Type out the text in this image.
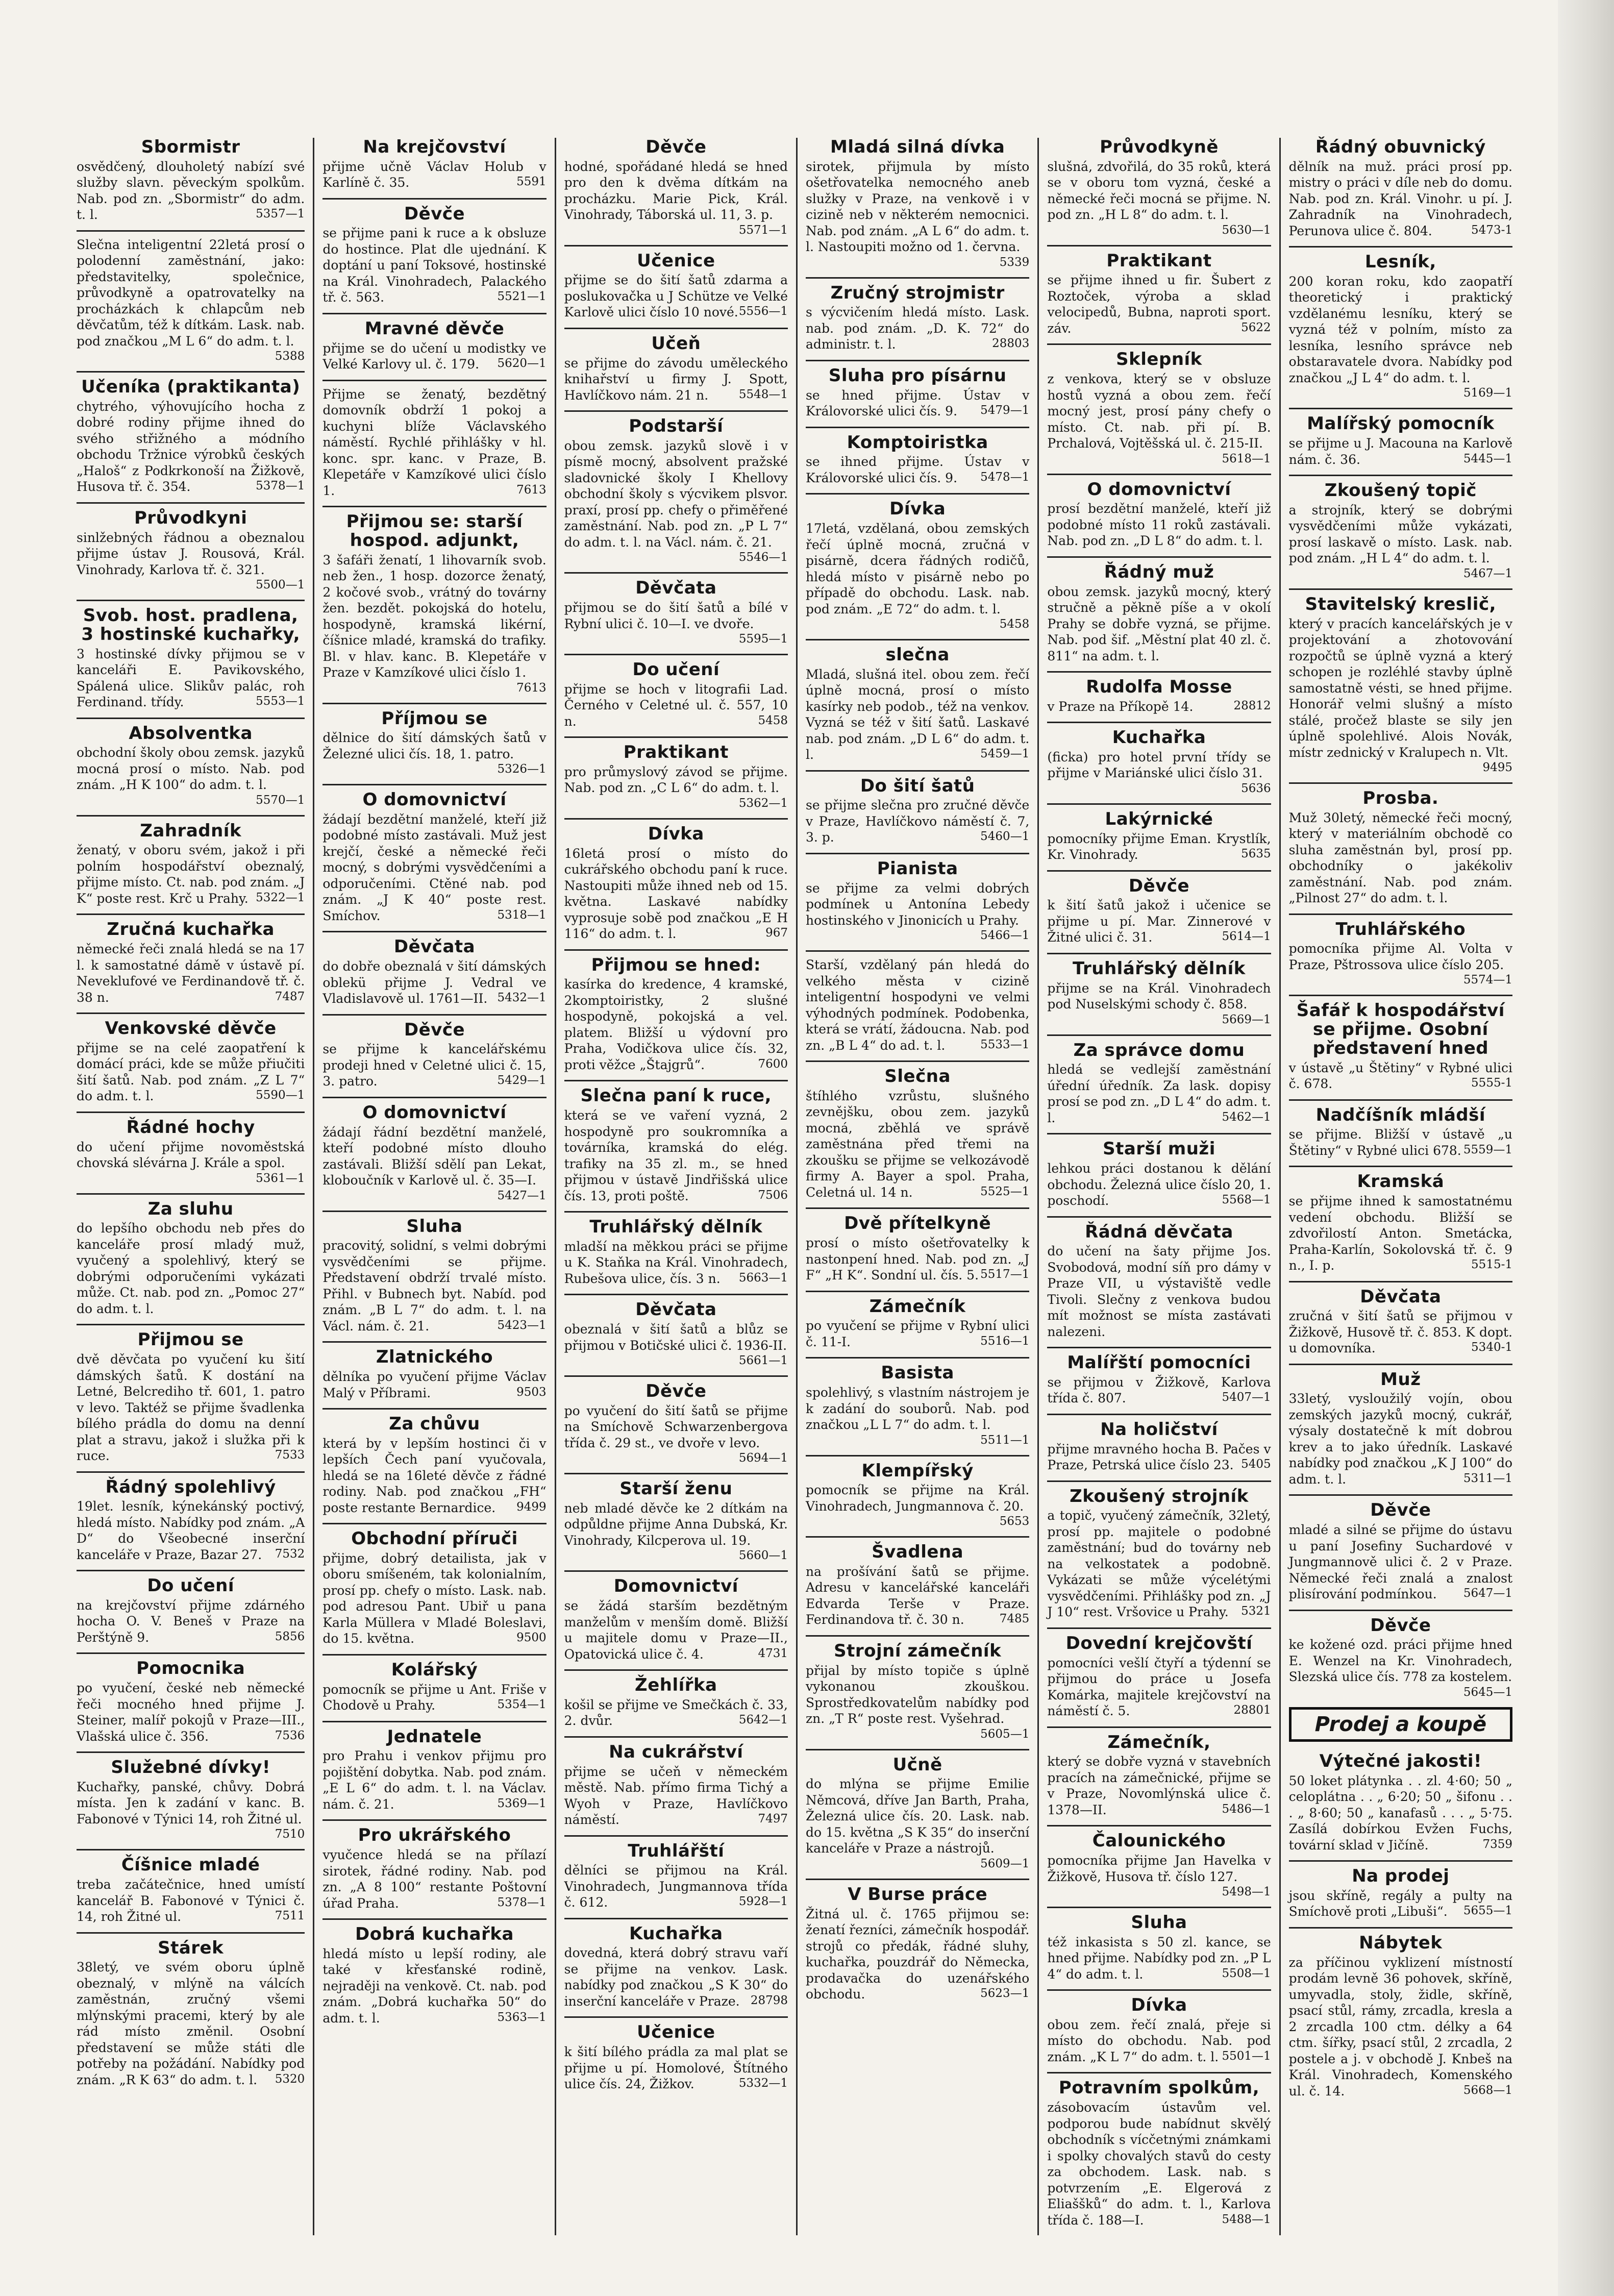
Sbormistr

osvědčený, dlouholetý nabízí své služby slavn. pěveckým spolkům. Nab. pod zn. „Sbormistr“ do adm. t. l.	5357—1

Slečna inteligentní 22letá prosí o polodenní zaměstnání, jako: představitelky, společnice, průvodkyně a opatrovatelky na procházkách k chlapcům neb děvčatům, též k dítkám. Lask. nab. pod značkou „M L 6“ do adm. t. l.
5388

Učeníka (praktikanta)

chytrého, výhovujícího hocha z dobré rodiny přijme ihned do svého střižného a módního obchodu Tržnice výrobků českých „Haloš“ z Podkrkonoší na Žižkově, Husova tř. č. 354.	5378—1

Průvodkyni

sinlžebných řádnou a obeznalou přijme ústav J. Rousová, Král. Vinohrady, Karlova tř. č. 321.
5500—1

Svob. host. pradlena, 3 hostinské kuchařky,

3 hostinské dívky přijmou se v kanceláři E. Pavikovského, Spálená ulice. Slikův palác, roh Ferdinand. třídy.	5553—1

Absolventka

obchodní školy obou zemsk. jazyků mocná prosí o místo. Nab. pod znám. „H K 100“ do adm. t. l.
5570—1

Zahradník

ženatý, v oboru svém, jakož i při polním hospodářství obeznalý, přijme místo. Ct. nab. pod znám. „J K“ poste rest. Krč u Prahy. 5322—1

Zručná kuchařka

německé řeči znalá hledá se na 17 l. k samostatné dámě v ústavě pí. Neveklufové ve Ferdinandově tř. č. 38 n.	7487

Venkovské děvče

přijme se na celé zaopatření k domácí práci, kde se může přiučiti šití šatů. Nab. pod znám. „Z L 7“ do adm. t. l.	5590—1

Řádné hochy

do učení přijme novoměstská chovská slévárna J. Krále a spol.
5361—1

Za sluhu

do lepšího obchodu neb přes do kanceláře prosí mladý muž, vyučený a spolehlivý, který se dobrými odporučeními vykázati může. Ct. nab. pod zn. „Pomoc 27“ do adm. t. l.

Přijmou se

dvě děvčata po vyučení ku šití dámských šatů. K dostání na Letné, Belcrediho tř. 601, 1. patro v levo. Taktéž se přijme švadlenka bílého prádla do domu na denní plat a stravu, jakož i služka při k ruce.	7533

Řádný spolehlivý

19let. lesník, kýnekánský poctivý, hledá místo. Nabídky pod znám. „A D“ do Všeobecné inserční kanceláře v Praze, Bazar 27. 7532

Do učení

na krejčovství přijme zdárného hocha O. V. Beneš v Praze na Perštýně 9.	5856

Pomocnika

po vyučení, české neb německé řeči mocného hned přijme J. Steiner, malíř pokojů v Praze—III., Vlašská ulice č. 356.	7536

Služebné dívky!

Kuchařky, panské, chůvy. Dobrá místa. Jen k zadání v kanc. B. Fabonové v Týnici 14, roh Žitné ul.
7510

Číšnice mladé

treba začátečnice, hned umístí kancelář B. Fabonové v Týnici č. 14, roh Žitné ul.	7511

Stárek

38letý, ve svém oboru úplně obeznalý, v mlýně na válcích zaměstnán, zručný všemi mlýnskými pracemi, který by ale rád místo změnil. Osobní představení se může státi dle potřeby na požádání. Nabídky pod znám. „R K 63“ do adm. t. l. 5320

Na krejčovství

přijme učně Václav Holub v Karlíně č. 35.	5591

Děvče

se přijme pani k ruce a k obsluze do hostince. Plat dle ujednání. K doptání u paní Toksové, hostinské na Král. Vinohradech, Palackého tř. č. 563.	5521—1

Mravné děvče

přijme se do učení u modistky ve Velké Karlovy ul. č. 179. 5620—1

Přijme se ženatý, bezdětný domovník obdrží 1 pokoj a kuchyni blíže Václavského náměstí. Rychlé přihlášky v hl. konc. spr. kanc. v Praze, B. Klepetáře v Kamzíkové ulici číslo 1.	7613

Přijmou se: starší hospod. adjunkt,

3 šafáři ženatí, 1 lihovarník svob. neb žen., 1 hosp. dozorce ženatý, 2 kočové svob., vrátný do továrny žen. bezdět. pokojská do hotelu, hospodyně, kramská likérní, číšnice mladé, kramská do trafiky. Bl. v hlav. kanc. B. Klepetáře v Praze v Kamzíkové ulici číslo 1.
7613

Příjmou se

dělnice do šití dámských šatů v Železné ulici čís. 18, 1. patro.
5326—1

O domovnictví

žádají bezdětní manželé, kteří již podobné místo zastávali. Muž jest krejčí, české a německé řeči mocný, s dobrými vysvědčeními a odporučeními. Ctěné nab. pod znám. „J K 40“ poste rest. Smíchov.	5318—1

Děvčata

do dobře obeznalá v šití dámských oblekü přijme J. Vedral ve Vladislavově ul. 1761—II. 5432—1

Děvče

se přijme k kancelářskému prodeji hned v Celetné ulici č. 15, 3. patro.	5429—1

O domovnictví

žádají řádní bezdětní manželé, kteří podobné místo dlouho zastávali. Bližší sdělí pan Lekat, kloboučník v Karlově ul. č. 35—I.
5427—1

Sluha

pracovitý, solidní, s velmi dobrými vysvědčeními se přijme. Představení obdrží trvalé místo. Přihl. v Bubnech byt. Nabíd. pod znám. „B L 7“ do adm. t. l. na Václ. nám. č. 21.	5423—1

Zlatnického

dělníka po vyučení přijme Václav Malý v Příbrami.	9503

Za chůvu

která by v lepším hostinci či v lepších Čech paní vyučovala, hledá se na 16leté děvče z řádné rodiny. Nab. pod značkou „FH“ poste restante Bernardice. 9499

Obchodní příruči

přijme, dobrý detailista, jak v oboru smíšeném, tak kolonialním, prosí pp. chefy o místo. Lask. nab. pod adresou Pant. Ubiř u pana Karla Müllera v Mladé Boleslavi, do 15. května.	9500

Kolářský

pomocník se přijme u Ant. Friše v Chodově u Prahy.	5354—1

Jednatele

pro Prahu i venkov přijmu pro pojištění dobytka. Nab. pod znám. „E L 6“ do adm. t. l. na Václav. nám. č. 21.	5369—1

Pro ukrářského

vyučence hledá se na přílazí sirotek, řádné rodiny. Nab. pod zn. „A 8 100“ restante Poštovní úřad Praha.	5378—1

Dobrá kuchařka

hledá místo u lepší rodiny, ale také v křesťanské rodině, nejraději na venkově. Ct. nab. pod znám. „Dobrá kuchařka 50“ do adm. t. l.	5363—1

Děvče

hodné, spořádané hledá se hned pro den k dvěma dítkám na procházku. Marie Pick, Král. Vinohrady, Táborská ul. 11, 3. p.
5571—1

Učenice

přijme se do šití šatů zdarma a poslukovačka u J Schütze ve Velké Karlově ulici číslo 10 nové. 5556—1

Učeň

se přijme do závodu uměleckého knihařství u firmy J. Spott, Havlíčkovo nám. 21 n.	5548—1

Podstarší

obou zemsk. jazyků slově i v písmě mocný, absolvent pražské sladovnické školy I Khellovy obchodní školy s výcvikem plsvor. praxí, prosí pp. chefy o přiměřené zaměstnání. Nab. pod zn. „P L 7“ do adm. t. l. na Václ. nám. č. 21.
5546—1

Děvčata

přijmou se do šití šatů a bílé v Rybní ulici č. 10—I. ve dvoře.
5595—1

Do učení

přijme se hoch v litografii Lad. Černého v Celetné ul. č. 557, 10 n.	5458

Praktikant

pro průmyslový závod se přijme. Nab. pod zn. „C L 6“ do adm. t. l.
5362—1

Dívka

16letá prosí o místo do cukrářského obchodu paní k ruce. Nastoupiti může ihned neb od 15. května. Laskavé nabídky vyprosuje sobě pod značkou „E H 116“ do adm. t. l.	967

Přijmou se hned:

kasírka do kredence, 4 kramské, 2komptoiristky, 2 slušné hospodyně, pokojská a vel. platem. Bližší u výdovní pro Praha, Vodičkova ulice čís. 32, proti věžce „Štajgrů“.	7600

Slečna paní k ruce,

která se ve vaření vyzná, 2 hospodyně pro soukromníka a továrníka, kramská do elég. trafiky na 35 zl. m., se hned přijmou v ústavě Jindřišská ulice čís. 13, proti poště.	7506

Truhlářský dělník

mladší na měkkou práci se přijme u K. Staňka na Král. Vinohradech, Rubešova ulice, čís. 3 n. 5663—1

Děvčata

obeznalá v šití šatů a blůz se přijmou v Botičské ulici č. 1936-II.
5661—1

Děvče

po vyučení do šití šatů se přijme na Smíchově Schwarzenbergova třída č. 29 st., ve dvoře v levo.
5694—1

Starší ženu

neb mladé děvče ke 2 dítkám na odpůldne přijme Anna Dubská, Kr. Vinohrady, Kilcperova ul. 19.
5660—1

Domovnictví

se žádá starším bezdětným manželům v menším domě. Bližší u majitele domu v Praze—II., Opatovická ulice č. 4.	4731

Žehlířka

košil se přijme ve Smečkách č. 33, 2. dvůr.	5642—1

Na cukrářství

přijme se učeň v německém městě. Nab. přímo firma Tichý a Wyoh v Praze, Havlíčkovo náměstí.	7497

Truhlářští

dělníci se přijmou na Král. Vinohradech, Jungmannova třída č. 612.	5928—1

Kuchařka

dovedná, která dobrý stravu vaří se přijme na venkov. Lask. nabídky pod značkou „S K 30“ do inserční kanceláře v Praze. 28798

Učenice

k šití bílého prádla za mal plat se přijme u pí. Homolové, Štítného ulice čís. 24, Žižkov.	5332—1

Mladá silná dívka

sirotek, přijmula by místo ošetřovatelka nemocného aneb služky v Praze, na venkově i v cizině neb v některém nemocnici. Nab. pod znám. „A L 6“ do adm. t. l. Nastoupiti možno od 1. června.
5339

Zručný strojmistr

s výcvičením hledá místo. Lask. nab. pod znám. „D. K. 72“ do administr. t. l.	28803

Sluha pro písárnu

se hned přijme. Ústav v Královorské ulici čís. 9. 5479—1

Komptoiristka

se ihned přijme. Ústav v Královorské ulici čís. 9. 5478—1

Dívka

17letá, vzdělaná, obou zemských řečí úplně mocná, zručná v pisárně, dcera řádných rodičů, hledá místo v pisárně nebo po případě do obchodu. Lask. nab. pod znám. „E 72“ do adm. t. l.
5458

slečna

Mladá, slušná itel. obou zem. řečí úplně mocná, prosí o místo kasírky neb podob., též na venkov. Vyzná se též v šití šatů. Laskavé nab. pod znám. „D L 6“ do adm. t. l.	5459—1

Do šití šatů

se přijme slečna pro zručné děvče v Praze, Havlíčkovo náměstí č. 7, 3. p.	5460—1

Pianista

se přijme za velmi dobrých podmínek u Antonína Lebedy hostinského v Jinonicích u Prahy.
5466—1

Starší, vzdělaný pán hledá do velkého města v cizině inteligentní hospodyni ve velmi výhodných podmínek. Podobenka, která se vrátí, žádoucna. Nab. pod zn. „B L 4“ do ad. t. l.	5533—1

Slečna

štíhlého vzrůstu, slušného zevnějšku, obou zem. jazyků mocná, zběhlá ve správě zaměstnána před třemi na zkoušku se přijme se velkozávodě firmy A. Bayer a spol. Praha, Celetná ul. 14 n.	5525—1

Dvě přítelkyně

prosí o místo ošetřovatelky k nastonpení hned. Nab. pod zn. „J F“ „H K“. Sondní ul. čís. 5. 5517—1

Zámečník

po vyučení se přijme v Rybní ulici č. 11-I.	5516—1

Basista

spolehlivý, s vlastním nástrojem je k zadání do souborů. Nab. pod značkou „L L 7“ do adm. t. l.
5511—1

Klempířský

pomocník se přijme na Král. Vinohradech, Jungmannova č. 20.
5653

Švadlena

na prošívání šatů se přijme. Adresu v kancelářské kanceláři Edvarda Terše v Praze. Ferdinandova tř. č. 30 n.	7485

Strojní zámečník

přijal by místo topiče s úplně vykonanou zkouškou. Sprostředkovatelům nabídky pod zn. „T R“ poste rest. Vyšehrad.
5605—1

Učně

do mlýna se přijme Emilie Němcová, dříve Jan Barth, Praha, Železná ulice čís. 20. Lask. nab. do 15. května „S K 35“ do inserční kanceláře v Praze a nástrojů.
5609—1

V Burse práce

Žitná ul. č. 1765 přijmou se: ženatí řezníci, zámečník hospodář. strojů co předák, řádné sluhy, kuchařka, pouzdrář do Německa, prodavačka do uzenářského obchodu.	5623—1

Průvodkyně

slušná, zdvořilá, do 35 roků, která se v oboru tom vyzná, české a německé řeči mocná se přijme. N. pod zn. „H L 8“ do adm. t. l.
5630—1

Praktikant

se přijme ihned u fir. Šubert z Roztoček, výroba a sklad velocipedů, Bubna, naproti sport. záv.	5622

Sklepník

z venkova, který se v obsluze hostů vyzná a obou zem. řečí mocný jest, prosí pány chefy o místo. Ct. nab. při pí. B. Prchalová, Vojtěšská ul. č. 215-II.
5618—1

O domovnictví

prosí bezdětní manželé, kteří již podobné místo 11 roků zastávali. Nab. pod zn. „D L 8“ do adm. t. l.

Řádný muž

obou zemsk. jazyků mocný, který stručně a pěkně píše a v okolí Prahy se dobře vyzná, se přijme. Nab. pod šif. „Městní plat 40 zl. č. 811“ na adm. t. l.

Rudolfa Mosse

v Praze na Příkopě 14.	28812

Kuchařka

(ficka) pro hotel první třídy se přijme v Mariánské ulici číslo 31.
5636

Lakýrnické

pomocníky přijme Eman. Krystlík, Kr. Vinohrady.	5635

Děvče

k šití šatů jakož i učenice se přijme u pí. Mar. Zinnerové v Žitné ulici č. 31.	5614—1

Truhlářský dělník

přijme se na Král. Vinohradech pod Nuselskými schody č. 858.
5669—1

Za správce domu

hledá se vedlejší zaměstnání úřední úředník. Za lask. dopisy prosí se pod zn. „D L 4“ do adm. t. l.	5462—1

Starší muži

lehkou práci dostanou k dělání obchodu. Železná ulice číslo 20, 1. poschodí.	5568—1

Řádná děvčata

do učení na šaty přijme Jos. Svobodová, modní síň pro dámy v Praze VII, u výstaviště vedle Tivoli. Slečny z venkova budou mít možnost se místa zastávati nalezeni.

Malířští pomocníci

se přijmou v Žižkově, Karlova třída č. 807.	5407—1

Na holičství

přijme mravného hocha B. Pačes v Praze, Petrská ulice číslo 23. 5405

Zkoušený strojník

a topič, vyučený zámečník, 32letý, prosí pp. majitele o podobné zaměstnání; bud do továrny neb na velkostatek a podobně. Vykázati se může výcelétými vysvědčeními. Přihlášky pod zn. „J J 10“ rest. Vršovice u Prahy. 5321

Dovední krejčovští

pomocníci vešlí čtyří a týdenní se přijmou do práce u Josefa Komárka, majitele krejčovství na náměstí č. 5.	28801

Zámečník,

který se dobře vyzná v stavebních pracích na zámečnické, přijme se v Praze, Novomlýnská ulice č. 1378—II.	5486—1

Čalounického

pomocníka přijme Jan Havelka v Žižkově, Husova tř. číslo 127.
5498—1

Sluha

též inkasista s 50 zl. kance, se hned přijme. Nabídky pod zn. „P L 4“ do adm. t. l.	5508—1

Dívka

obou zem. řečí znalá, přeje si místo do obchodu. Nab. pod znám. „K L 7“ do adm. t. l. 5501—1

Potravním spolkům,

zásobovacím ústavům vel. podporou bude nabídnut skvělý obchodník s vícčetnými známkami i spolky chovalých stavů do cesty za obchodem. Lask. nab. s potvrzením „E. Elgerová z Eliaššků“ do adm. t. l., Karlova třída č. 188—I.	5488—1

Řádný obuvnický

dělník na muž. práci prosí pp. mistry o práci v díle neb do domu. Nab. pod zn. Král. Vinohr. u pí. J. Zahradník na Vinohradech, Perunova ulice č. 804.	5473-1

Lesník,

200 koran roku, kdo zaopatří theoretický i praktický vzdělanému lesníku, který se vyzná též v polním, místo za lesníka, lesního správce neb obstaravatele dvora. Nabídky pod značkou „J L 4“ do adm. t. l.
5169—1

Malířský pomocník

se přijme u J. Macouna na Karlově nám. č. 36.	5445—1

Zkoušený topič

a strojník, který se dobrými vysvědčeními může vykázati, prosí laskavě o místo. Lask. nab. pod znám. „H L 4“ do adm. t. l.
5467—1

Stavitelský kreslič,

který v pracích kancelářských je v projektování a zhotovování rozpočtů se úplně vyzná a který schopen je rozléhlé stavby úplně samostatně vésti, se hned přijme. Honorář velmi slušný a místo stálé, pročež blaste se sily jen úplně spolehlivé. Alois Novák, místr zednický v Kralupech n. Vlt.
9495

Prosba.

Muž 30letý, německé řeči mocný, který v materiálním obchodě co sluha zaměstnán byl, prosí pp. obchodníky o jakékoliv zaměstnání. Nab. pod znám. „Pilnost 27“ do adm. t. l.

Truhlářského

pomocníka přijme Al. Volta v Praze, Pštrossova ulice číslo 205.
5574—1

Šafář k hospodářství se přijme. Osobní představení hned

v ústavě „u Štětiny“ v Rybné ulici č. 678.	5555-1

Nadčíšník mládší

se přijme. Bližší v ústavě „u Štětiny“ v Rybné ulici 678. 5559—1

Kramská

se přijme ihned k samostatnému vedení obchodu. Bližší se zdvořilostí Anton. Smetácka, Praha-Karlín, Sokolovská tř. č. 9 n., I. p.	5515-1

Děvčata

zručná v šití šatů se přijmou v Žižkově, Husově tř. č. 853. K dopt. u domovníka.	5340-1

Muž

33letý, vysloužilý vojín, obou zemských jazyků mocný, cukrář, výsaly dostatečně k mít dobrou krev a to jako úředník. Laskavé nabídky pod značkou „K J 100“ do adm. t. l.	5311—1

Děvče

mladé a silné se přijme do ústavu u paní Josefiny Suchardové v Jungmannově ulici č. 2 v Praze. Německé řeči znalá a znalost plisírování podmínkou. 5647—1

Děvče

ke kožené ozd. práci přijme hned E. Wenzel na Kr. Vinohradech, Slezská ulice čís. 778 za kostelem.
5645—1

Prodej a koupě
Výtečné jakosti!

50 loket plátynka . . zl. 4·60; 50 „ celoplátna . . „ 6·20; 50 „ šifonu . . . „ 8·60; 50 „ kanafasů . . . „ 5·75. Zasílá dobírkou Evžen Fuchs, tovární sklad v Jičíně.	7359

Na prodej

jsou skříně, regály a pulty na Smíchově proti „Libuši“. 5655—1

Nábytek

za příčinou vyklizení místností prodám levně 36 pohovek, skříně, umyvadla, stoly, židle, skříně, psací stůl, rámy, zrcadla, kresla a 2 zrcadla 100 ctm. délky a 64 ctm. šířky, psací stůl, 2 zrcadla, 2 postele a j. v obchodě J. Knbeš na Král. Vinohradech, Komenského ul. č. 14.	5668—1
